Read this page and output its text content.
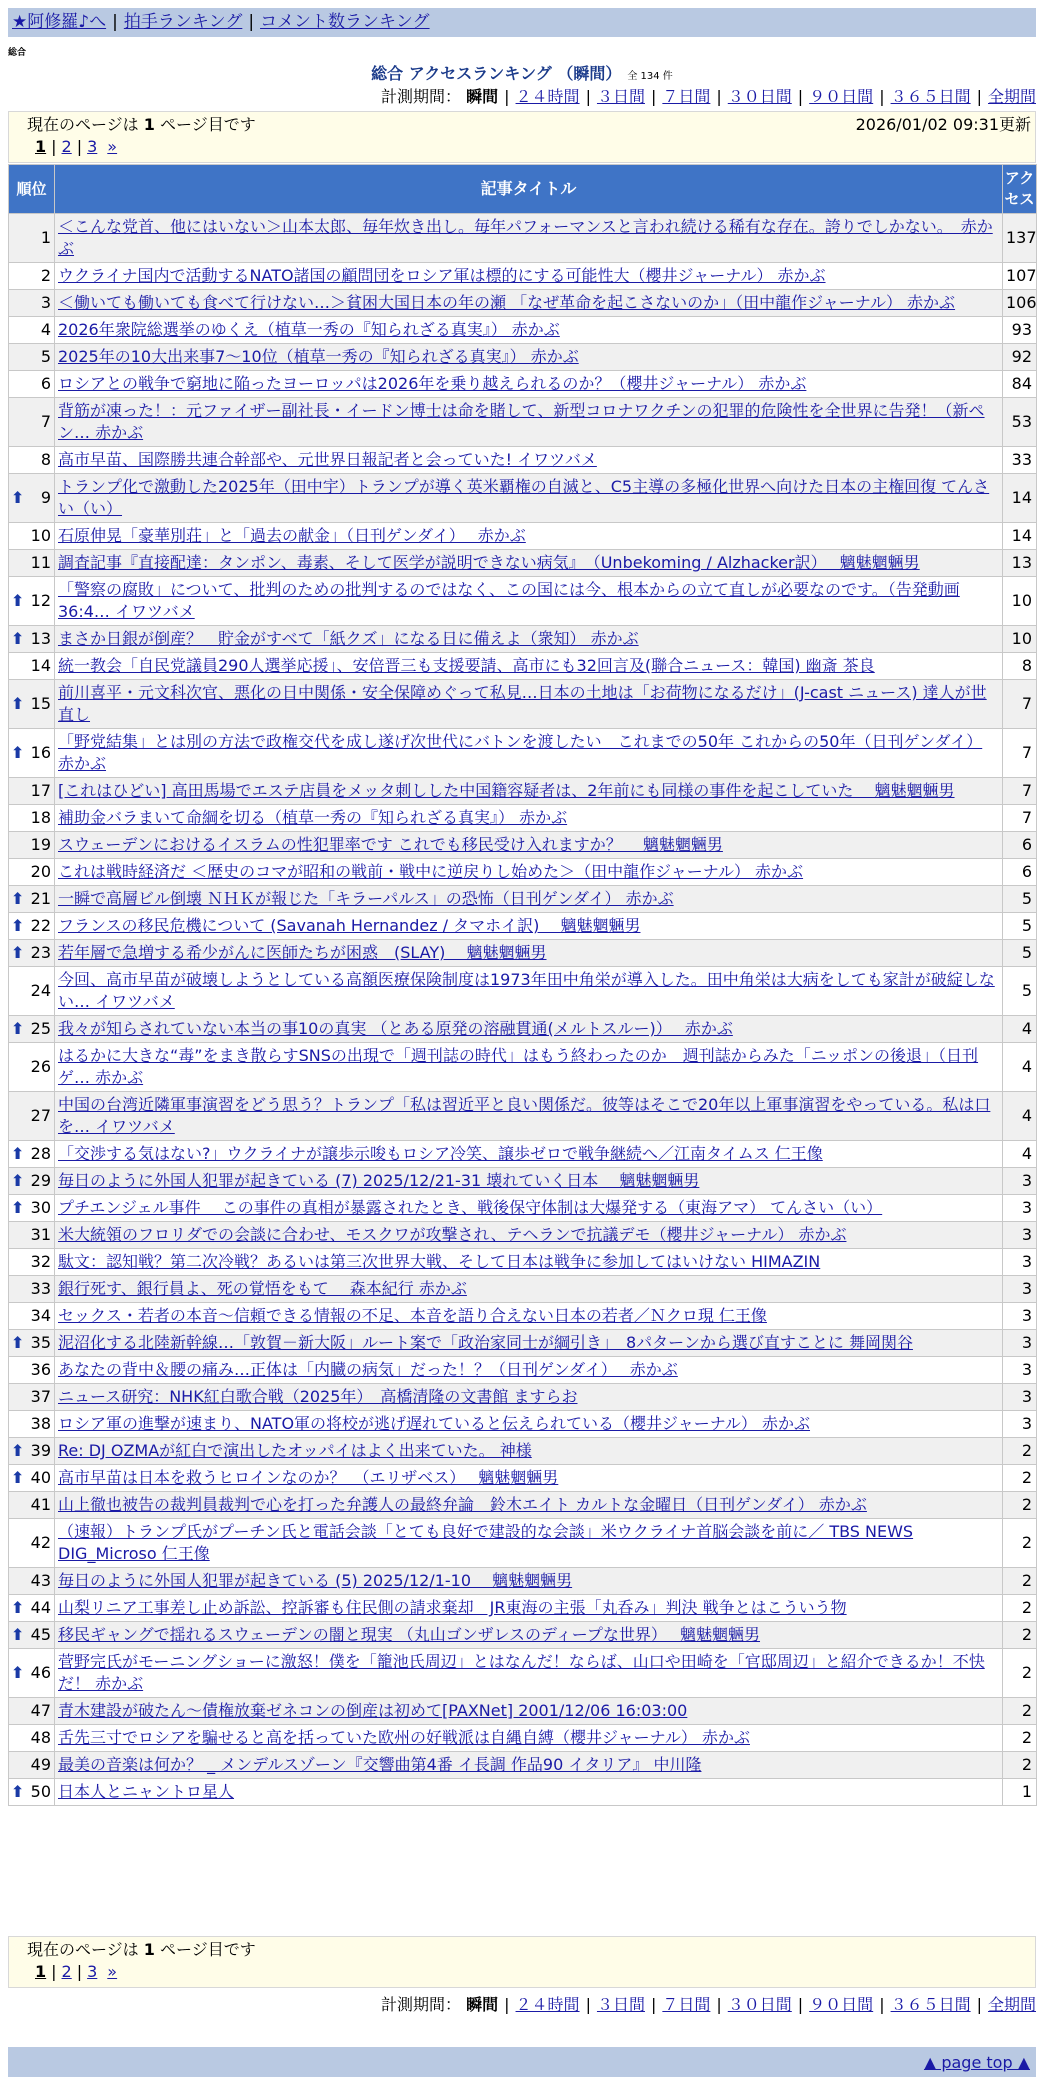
★阿修羅♪へ | 拍手ランキング | コメント数ランキング
総合
総合 アクセスランキング （瞬間） 全 134 件
計測期間： 瞬間 | ２４時間 | ３日間 | ７日間 | ３０日間 | ９０日間 | ３６５日間 | 全期間
現在のページは 1 ページ目です	2026/01/02 09:31更新
1 | 2 | 3 »
順位	記事タイトル	アクセス
1	＜こんな党首、他にはいない＞山本太郎、毎年炊き出し。毎年パフォーマンスと言われ続ける稀有な存在。誇りでしかない。　赤かぶ	137
2	ウクライナ国内で活動するNATO諸国の顧問団をロシア軍は標的にする可能性大（櫻井ジャーナル） 赤かぶ	107
3	＜働いても働いても食べて行けない…＞貧困大国日本の年の瀬 「なぜ革命を起こさないのか」（田中龍作ジャーナル） 赤かぶ	106
4	2026年衆院総選挙のゆくえ（植草一秀の『知られざる真実』） 赤かぶ	93
5	2025年の10大出来事7～10位（植草一秀の『知られざる真実』） 赤かぶ	92
6	ロシアとの戦争で窮地に陥ったヨーロッパは2026年を乗り越えられるのか？（櫻井ジャーナル） 赤かぶ	84
7	背筋が凍った！：元ファイザー副社長・イードン博士は命を賭して、新型コロナワクチンの犯罪的危険性を全世界に告発！（新ペン… 赤かぶ	53
8	高市早苗、国際勝共連合幹部や、元世界日報記者と会っていた! イワツバメ	33

⬆ 9	トランプ化で激動した2025年（田中宇）トランプが導く英米覇権の自滅と、C5主導の多極化世界へ向けた日本の主権回復 てんさい（い）	14
10	石原伸晃「豪華別荘」と「過去の献金」（日刊ゲンダイ）　 赤かぶ	14
11	調査記事『直接配達：タンポン、毒素、そして医学が説明できない病気』　（Unbekoming / Alzhacker訳）　 魑魅魍魎男	13

⬆ 12	「警察の腐敗」について、批判のための批判するのではなく、この国には今、根本からの立て直しが必要なのです。（告発動画36:4… イワツバメ	10

⬆ 13	まさか日銀が倒産？　貯金がすべて「紙クズ」になる日に備えよ（衆知） 赤かぶ	10
14	統一教会「自民党議員290人選挙応援」、安倍晋三も支援要請、高市にも32回言及(聯合ニュース：韓国) 幽斎 茶良	8

⬆ 15	前川喜平・元文科次官、悪化の日中関係・安全保障めぐって私見…日本の土地は「お荷物になるだけ」(J-cast ニュース) 達人が世直し	7

⬆ 16	「野党結集」とは別の方法で政権交代を成し遂げ次世代にバトンを渡したい　これまでの50年 これからの50年（日刊ゲンダイ） 赤かぶ	7
17	[これはひどい] 高田馬場でエステ店員をメッタ刺しした中国籍容疑者は、2年前にも同様の事件を起こしていた　 魑魅魍魎男	7
18	補助金バラまいて命綱を切る（植草一秀の『知られざる真実』） 赤かぶ	7
19	スウェーデンにおけるイスラムの性犯罪率です これでも移民受け入れますか？　 魑魅魍魎男	6
20	これは戦時経済だ ＜歴史のコマが昭和の戦前・戦中に逆戻りし始めた＞（田中龍作ジャーナル） 赤かぶ	6

⬆ 21	一瞬で高層ビル倒壊 ＮＨＫが報じた「キラーパルス」の恐怖（日刊ゲンダイ） 赤かぶ	5

⬆ 22	フランスの移民危機について (Savanah Hernandez / タマホイ訳)　 魑魅魍魎男	5

⬆ 23	若年層で急増する希少がんに医師たちが困惑　(SLAY)　 魑魅魍魎男	5
24	今回、高市早苗が破壊しようとしている高額医療保険制度は1973年田中角栄が導入した。田中角栄は大病をしても家計が破綻しない… イワツバメ	5

⬆ 25	我々が知らされていない本当の事10の真実 （とある原発の溶融貫通(メルトスルー)）　 赤かぶ	4
26	はるかに大きな“毒”をまき散らすSNSの出現で「週刊誌の時代」はもう終わったのか　週刊誌からみた「ニッポンの後退」（日刊ゲ… 赤かぶ	4
27	中国の台湾近隣軍事演習をどう思う？トランプ「私は習近平と良い関係だ。彼等はそこで20年以上軍事演習をやっている。私は口を… イワツバメ	4

⬆ 28	「交渉する気はない?」ウクライナが譲歩示唆もロシア冷笑、譲歩ゼロで戦争継続へ／江南タイムス 仁王像	4

⬆ 29	毎日のように外国人犯罪が起きている (7) 2025/12/21-31 壊れていく日本　 魑魅魍魎男	3

⬆ 30	プチエンジェル事件　 この事件の真相が暴露されたとき、戦後保守体制は大爆発する（東海アマ） てんさい（い）	3
31	米大統領のフロリダでの会談に合わせ、モスクワが攻撃され、テヘランで抗議デモ（櫻井ジャーナル） 赤かぶ	3
32	駄文：認知戦？第二次冷戦？あるいは第三次世界大戦、そして日本は戦争に参加してはいけない HIMAZIN	3
33	銀行死す、銀行員よ、死の覚悟をもて　 森本紀行 赤かぶ	3
34	セックス・若者の本音～信頼できる情報の不足、本音を語り合えない日本の若者／Ｎクロ現 仁王像	3

⬆ 35	泥沼化する北陸新幹線…「敦賀－新大阪」ルート案で「政治家同士が綱引き」　8パターンから選び直すことに 舞岡関谷	3
36	あなたの背中＆腰の痛み…正体は「内臓の病気」だった！？（日刊ゲンダイ）　 赤かぶ	3
37	ニュース研究：NHK紅白歌合戦（2025年）　高橋清隆の文書館 ますらお	3
38	ロシア軍の進撃が速まり、NATO軍の将校が逃げ遅れていると伝えられている（櫻井ジャーナル） 赤かぶ	3

⬆ 39	Re: DJ OZMAが紅白で演出したオッパイはよく出来ていた。 神様	2

⬆ 40	高市早苗は日本を救うヒロインなのか？　（エリザベス）　 魑魅魍魎男	2
41	山上徹也被告の裁判員裁判で心を打った弁護人の最終弁論　鈴木エイト カルトな金曜日（日刊ゲンダイ） 赤かぶ	2
42	（速報）トランプ氏がプーチン氏と電話会談「とても良好で建設的な会談」米ウクライナ首脳会談を前に／ TBS NEWS DIG_Microso 仁王像	2
43	毎日のように外国人犯罪が起きている (5) 2025/12/1-10　 魑魅魍魎男	2

⬆ 44	山梨リニア工事差し止め訴訟、控訴審も住民側の請求棄却　JR東海の主張「丸呑み」判決 戦争とはこういう物	2

⬆ 45	移民ギャングで揺れるスウェーデンの闇と現実 （丸山ゴンザレスのディープな世界）　 魑魅魍魎男	2

⬆ 46	菅野完氏がモーニングショーに激怒！僕を「籠池氏周辺」とはなんだ！ならば、山口や田崎を「官邸周辺」と紹介できるか！不快だ！ 赤かぶ	2
47	青木建設が破たん～債権放棄ゼネコンの倒産は初めて[PAXNet] 2001/12/06 16:03:00	2
48	舌先三寸でロシアを騙せると高を括っていた欧州の好戦派は自縄自縛（櫻井ジャーナル） 赤かぶ	2
49	最美の音楽は何か？ _ メンデルスゾーン『交響曲第4番 イ長調 作品90 イタリア』 中川隆	2

⬆ 50	日本人とニャントロ星人	1
現在のページは 1 ページ目です
1 | 2 | 3 »
計測期間： 瞬間 | ２４時間 | ３日間 | ７日間 | ３０日間 | ９０日間 | ３６５日間 | 全期間
▲ page top ▲
